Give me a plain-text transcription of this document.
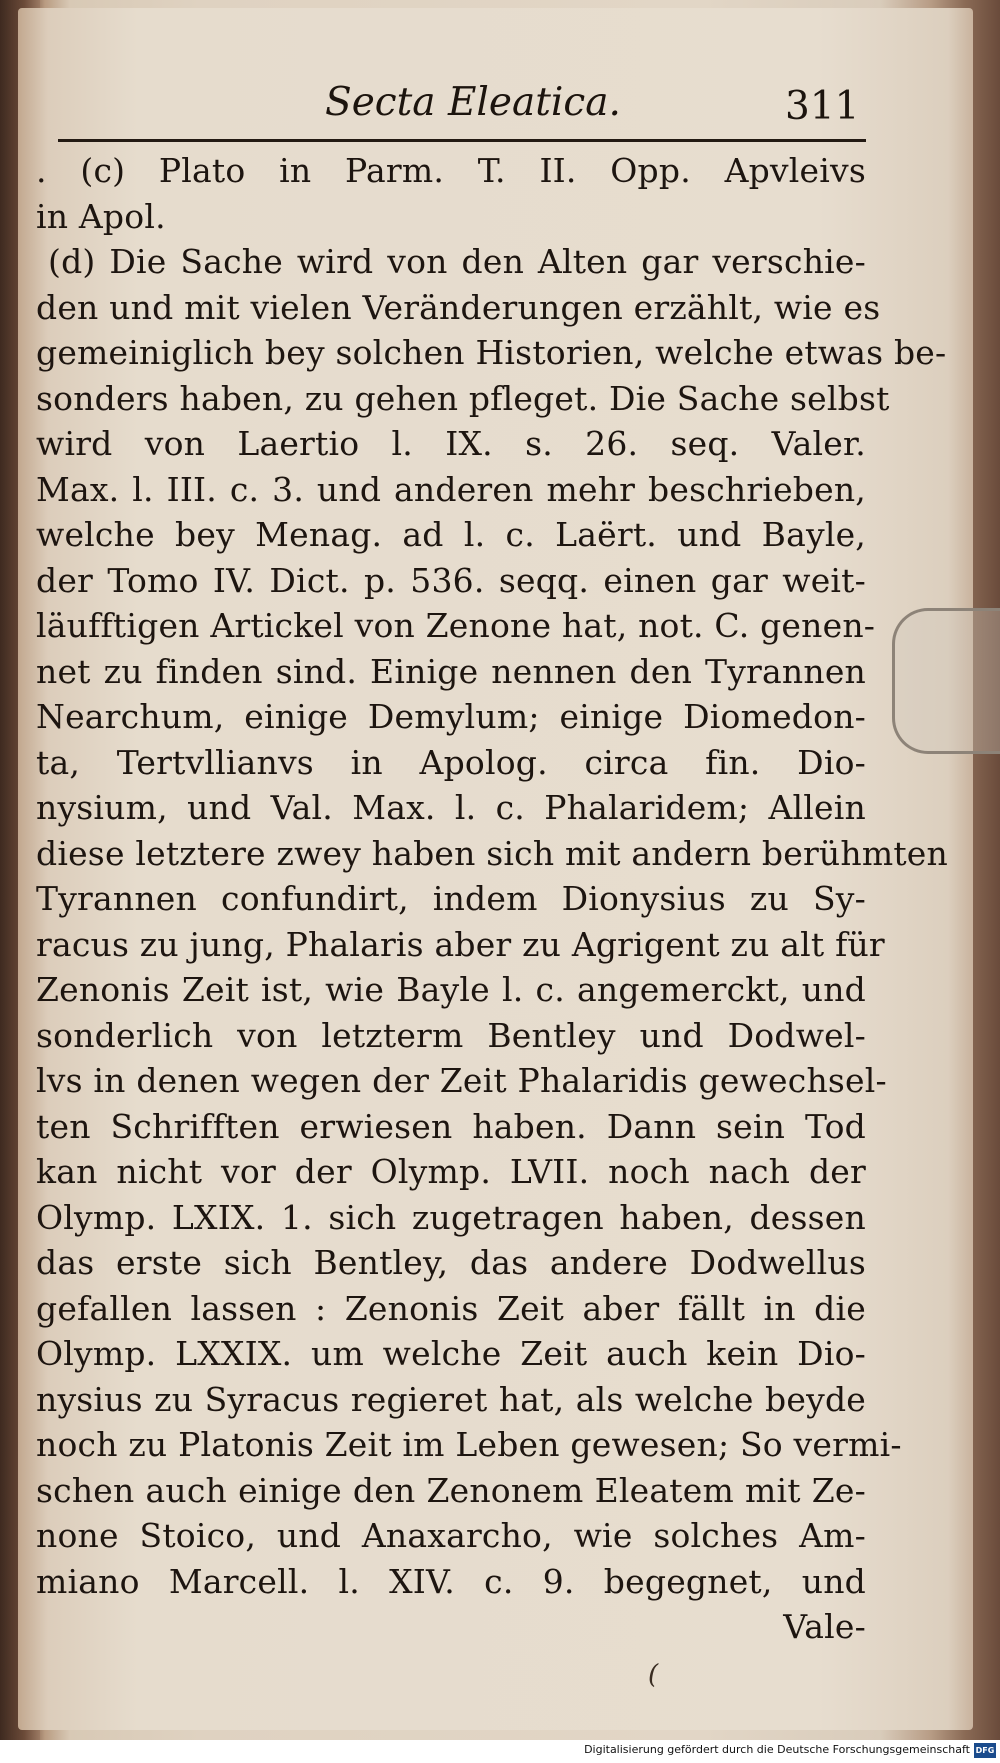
Secta Eleatica.	311
. (c) Plato in Parm. T. II. Opp. Apvleivs
in Apol.
(d) Die Sache wird von den Alten gar verschie-
den und mit vielen Veränderungen erzählt, wie es
gemeiniglich bey solchen Historien, welche etwas be-
sonders haben, zu gehen pfleget. Die Sache selbst
wird von Laertio l. IX. s. 26. seq. Valer.
Max. l. III. c. 3. und anderen mehr beschrieben,
welche bey Menag. ad l. c. Laërt. und Bayle,
der Tomo IV. Dict. p. 536. seqq. einen gar weit-
läufftigen Artickel von Zenone hat, not. C. genen-
net zu finden sind. Einige nennen den Tyrannen
Nearchum, einige Demylum; einige Diomedon-
ta, Tertvllianvs in Apolog. circa fin. Dio-
nysium, und Val. Max. l. c. Phalaridem; Allein
diese letztere zwey haben sich mit andern berühmten
Tyrannen confundirt, indem Dionysius zu Sy-
racus zu jung, Phalaris aber zu Agrigent zu alt für
Zenonis Zeit ist, wie Bayle l. c. angemerckt, und
sonderlich von letzterm Bentley und Dodwel-
lvs in denen wegen der Zeit Phalaridis gewechsel-
ten Schrifften erwiesen haben. Dann sein Tod
kan nicht vor der Olymp. LVII. noch nach der
Olymp. LXIX. 1. sich zugetragen haben, dessen
das erste sich Bentley, das andere Dodwellus
gefallen lassen : Zenonis Zeit aber fällt in die
Olymp. LXXIX. um welche Zeit auch kein Dio-
nysius zu Syracus regieret hat, als welche beyde
noch zu Platonis Zeit im Leben gewesen; So vermi-
schen auch einige den Zenonem Eleatem mit Ze-
none Stoico, und Anaxarcho, wie solches Am-
miano Marcell. l. XIV. c. 9. begegnet, und
Vale-
(
Digitalisierung gefördert durch die Deutsche Forschungsgemeinschaft DFG
